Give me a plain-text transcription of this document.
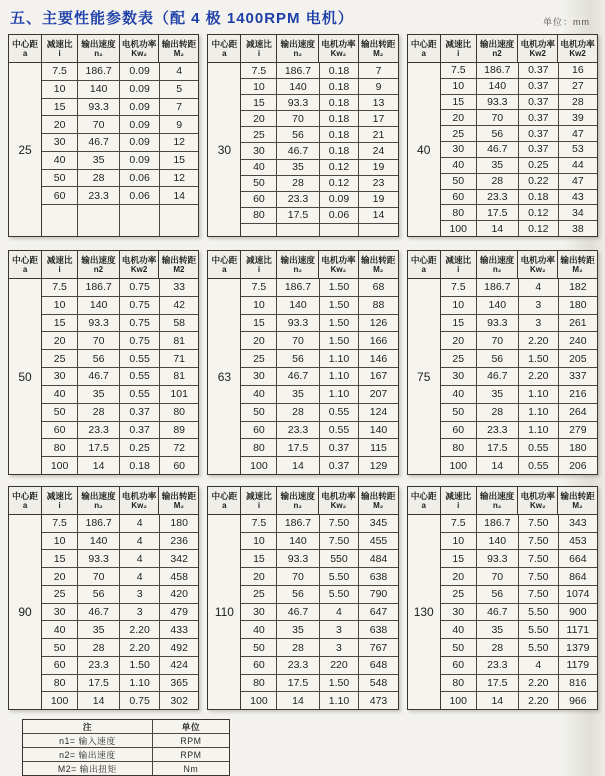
五、主要性能参数表（配 4 极 1400RPM 电机）	单位：mm
中心距
a
减速比
i
输出速度
n₂
电机功率
Kw₂
输出转距
M₂
25
7.5	186.7	0.09	4
10	140	0.09	5
15	93.3	0.09	7
20	70	0.09	9
30	46.7	0.09	12
40	35	0.09	15
50	28	0.06	12
60	23.3	0.06	14
中心距
a
减速比
i
输出速度
n₂
电机功率
Kw₂
输出转距
M₂
30
7.5	186.7	0.18	7
10	140	0.18	9
15	93.3	0.18	13
20	70	0.18	17
25	56	0.18	21
30	46.7	0.18	24
40	35	0.12	19
50	28	0.12	23
60	23.3	0.09	19
80	17.5	0.06	14
中心距
a
减速比
i
输出速度
n2
电机功率
Kw2
电机功率
Kw2
40
7.5	186.7	0.37	16
10	140	0.37	27
15	93.3	0.37	28
20	70	0.37	39
25	56	0.37	47
30	46.7	0.37	53
40	35	0.25	44
50	28	0.22	47
60	23.3	0.18	43
80	17.5	0.12	34
100	14	0.12	38
中心距
a
减速比
i
输出速度
n2
电机功率
Kw2
输出转距
M2
50
7.5	186.7	0.75	33
10	140	0.75	42
15	93.3	0.75	58
20	70	0.75	81
25	56	0.55	71
30	46.7	0.55	81
40	35	0.55	101
50	28	0.37	80
60	23.3	0.37	89
80	17.5	0.25	72
100	14	0.18	60
中心距
a
减速比
i
输出速度
n₂
电机功率
Kw₂
输出转距
M₂
63
7.5	186.7	1.50	68
10	140	1.50	88
15	93.3	1.50	126
20	70	1.50	166
25	56	1.10	146
30	46.7	1.10	167
40	35	1.10	207
50	28	0.55	124
60	23.3	0.55	140
80	17.5	0.37	115
100	14	0.37	129
中心距
a
减速比
i
输出速度
n₂
电机功率
Kw₂
输出转距
M₂
75
7.5	186.7	4	182
10	140	3	180
15	93.3	3	261
20	70	2.20	240
25	56	1.50	205
30	46.7	2.20	337
40	35	1.10	216
50	28	1.10	264
60	23.3	1.10	279
80	17.5	0.55	180
100	14	0.55	206
中心距
a
减速比
i
输出速度
n₂
电机功率
Kw₂
输出转距
M₂
90
7.5	186.7	4	180
10	140	4	236
15	93.3	4	342
20	70	4	458
25	56	3	420
30	46.7	3	479
40	35	2.20	433
50	28	2.20	492
60	23.3	1.50	424
80	17.5	1.10	365
100	14	0.75	302
中心距
a
减速比
i
输出速度
n₂
电机功率
Kw₂
输出转距
M₂
110
7.5	186.7	7.50	345
10	140	7.50	455
15	93.3	550	484
20	70	5.50	638
25	56	5.50	790
30	46.7	4	647
40	35	3	638
50	28	3	767
60	23.3	220	648
80	17.5	1.50	548
100	14	1.10	473
中心距
a
减速比
i
输出速度
n₂
电机功率
Kw₂
输出转距
M₂
130
7.5	186.7	7.50	343
10	140	7.50	453
15	93.3	7.50	664
20	70	7.50	864
25	56	7.50	1074
30	46.7	5.50	900
40	35	5.50	1171
50	28	5.50	1379
60	23.3	4	1179
80	17.5	2.20	816
100	14	2.20	966
注	单位
n1= 输入速度	RPM
n2= 输出速度	RPM
M2= 输出扭矩	Nm
